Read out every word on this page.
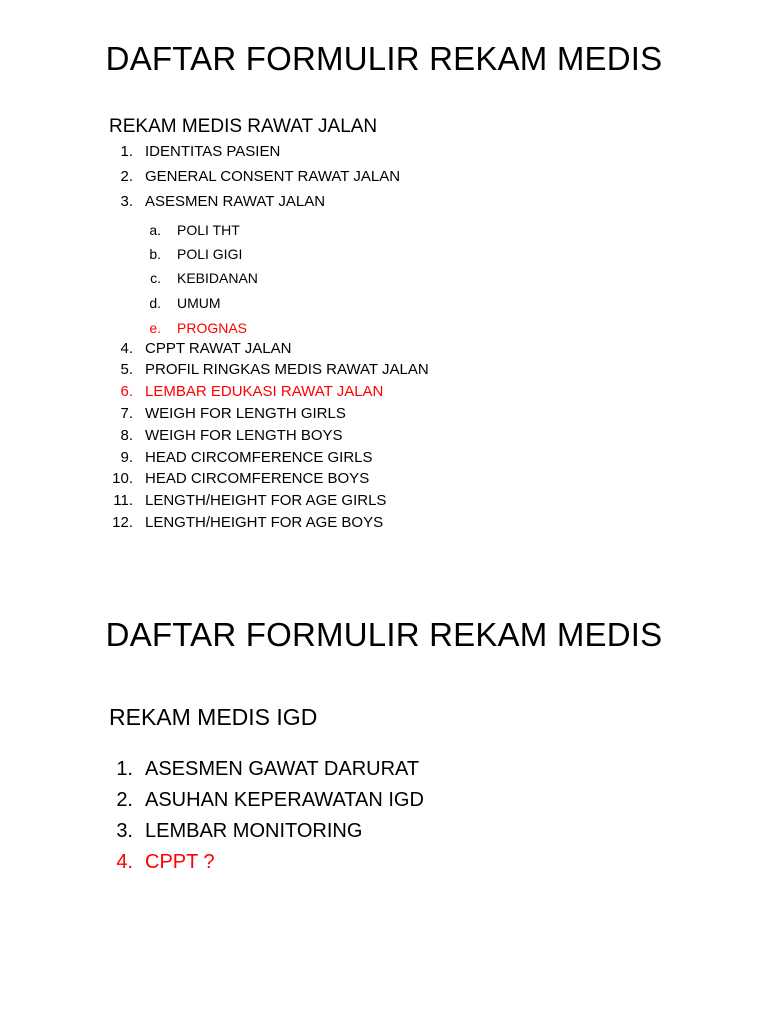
DAFTAR FORMULIR REKAM MEDIS
REKAM MEDIS RAWAT JALAN
1. IDENTITAS PASIEN
2. GENERAL CONSENT RAWAT JALAN
3. ASESMEN RAWAT JALAN
a. POLI THT
b. POLI GIGI
c. KEBIDANAN
d. UMUM
e. PROGNAS
4. CPPT RAWAT JALAN
5. PROFIL RINGKAS MEDIS RAWAT JALAN
6. LEMBAR EDUKASI RAWAT JALAN
7. WEIGH FOR LENGTH GIRLS
8. WEIGH FOR LENGTH BOYS
9. HEAD CIRCOMFERENCE GIRLS
10. HEAD CIRCOMFERENCE BOYS
11. LENGTH/HEIGHT FOR AGE GIRLS
12. LENGTH/HEIGHT FOR AGE BOYS
DAFTAR FORMULIR REKAM MEDIS
REKAM MEDIS IGD
1. ASESMEN GAWAT DARURAT
2. ASUHAN KEPERAWATAN IGD
3. LEMBAR MONITORING
4. CPPT ?
